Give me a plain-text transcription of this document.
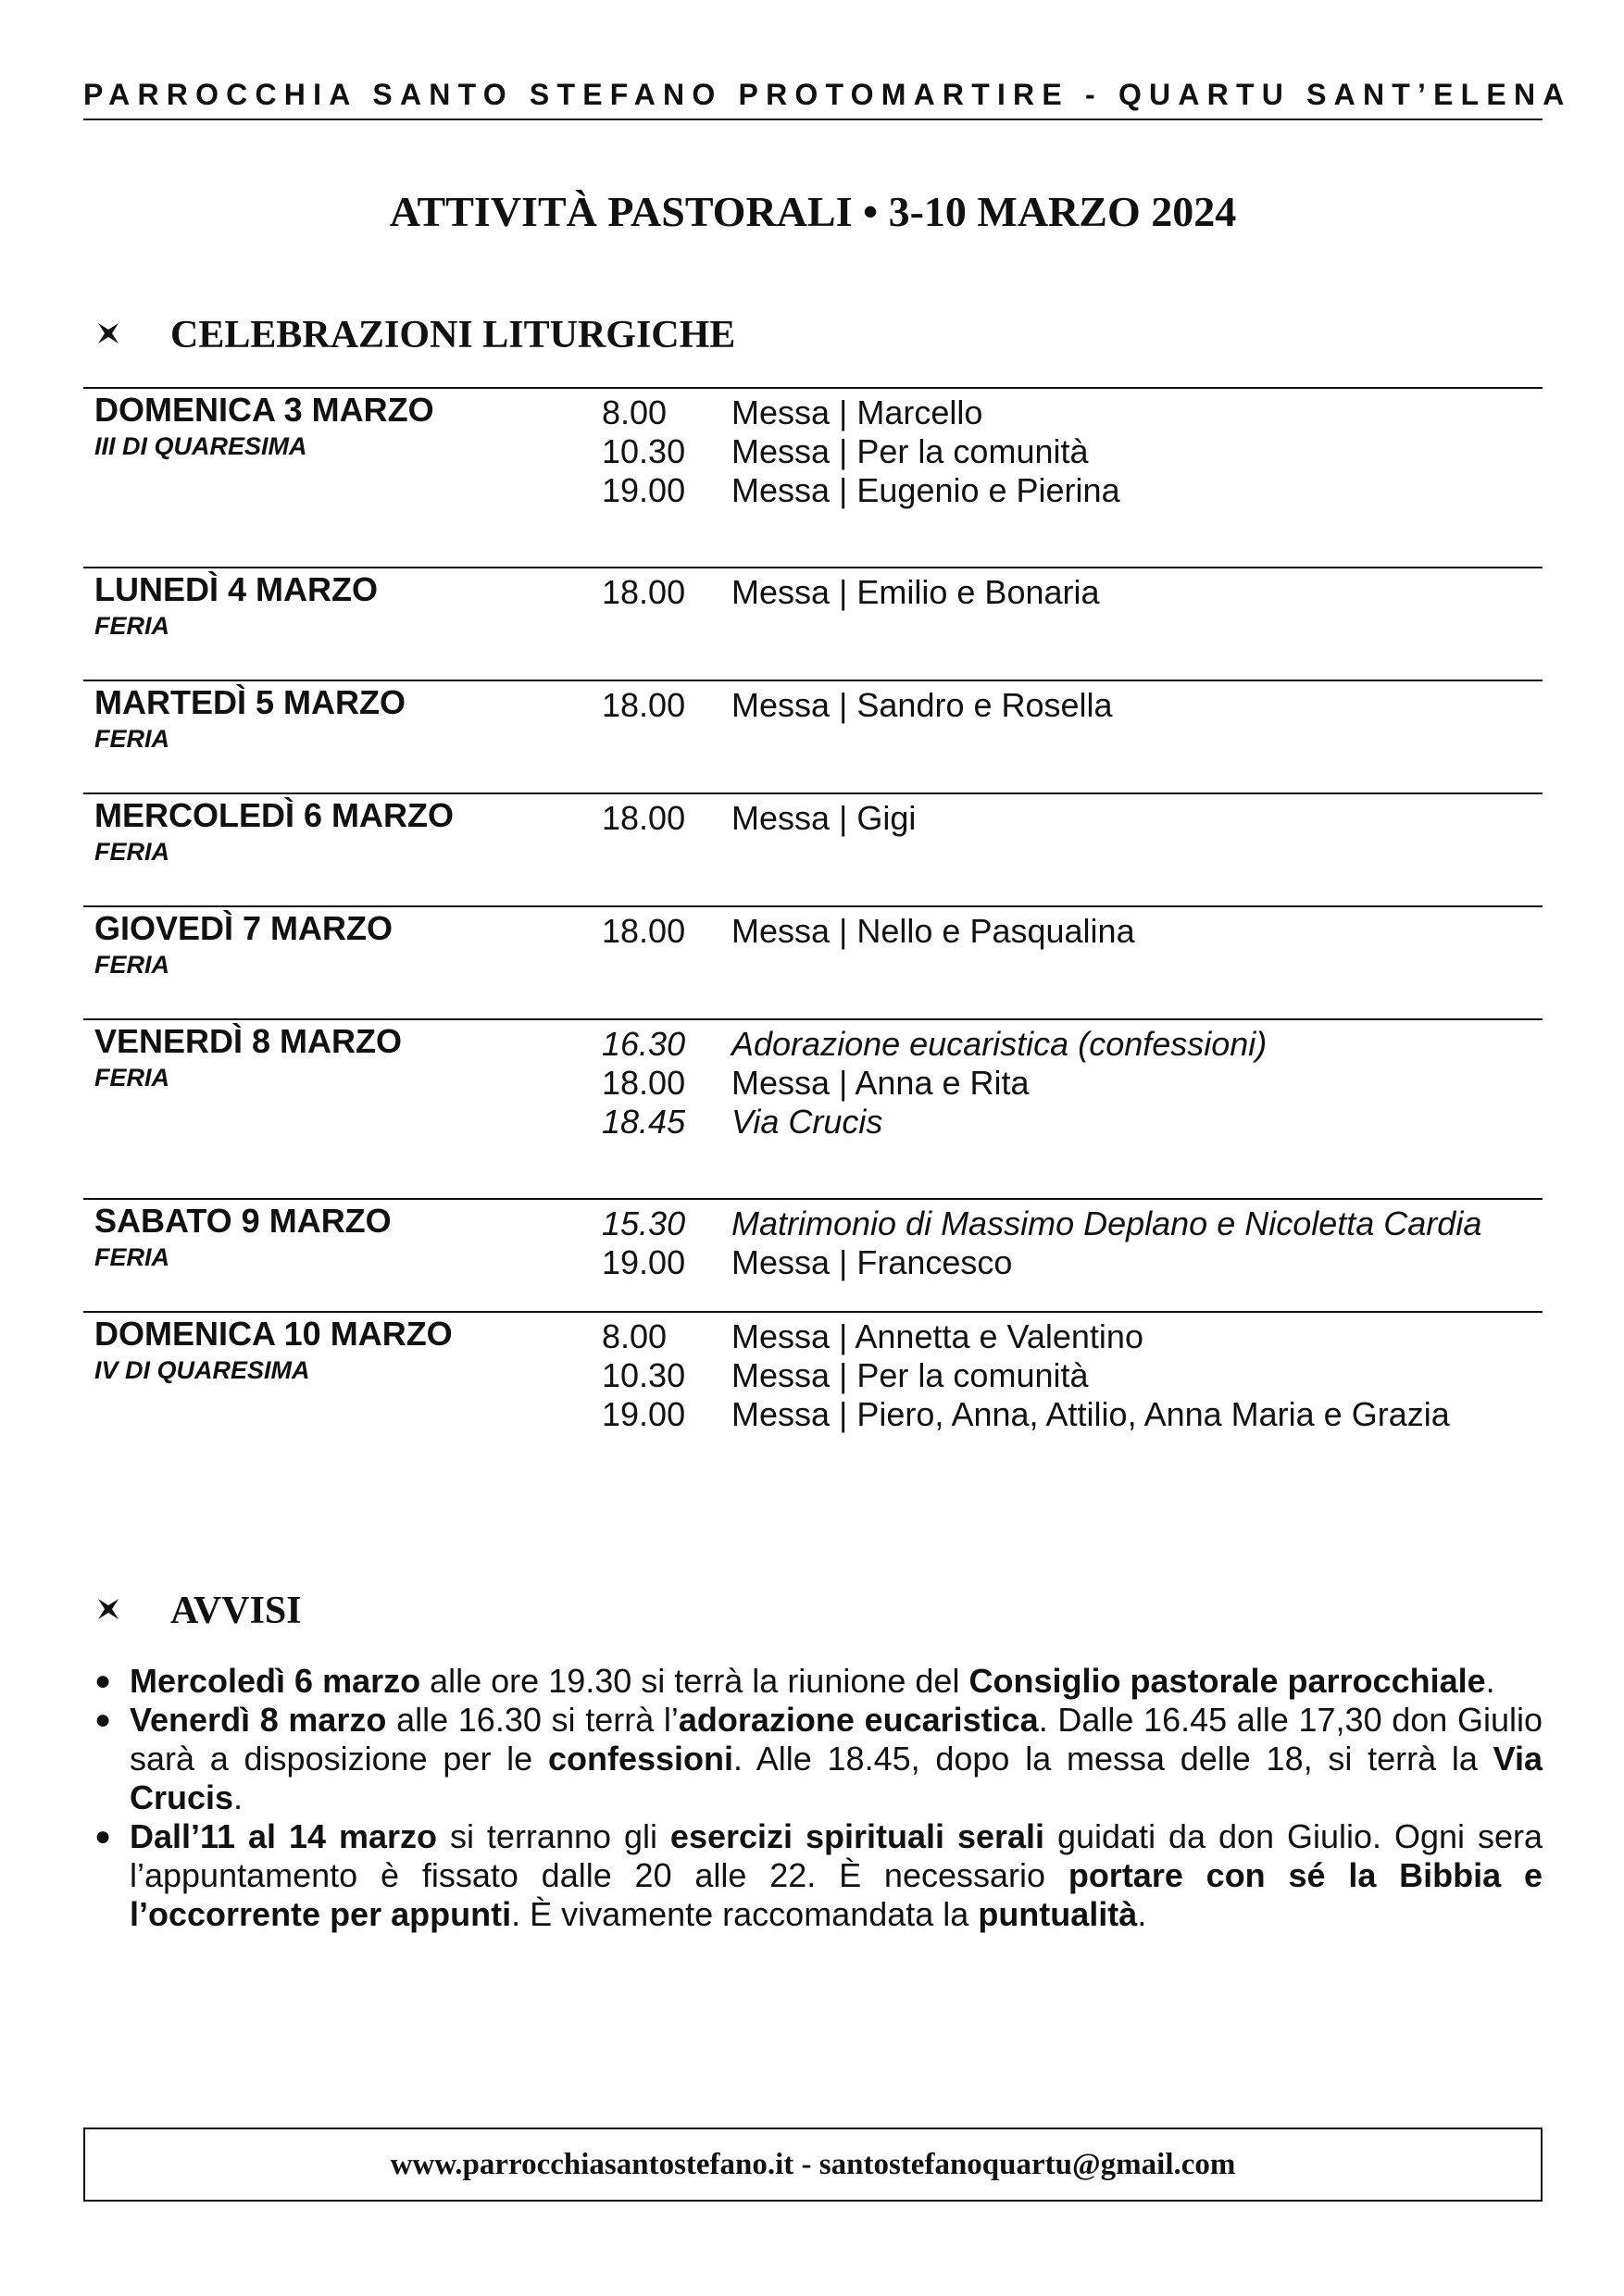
PARROCCHIA SANTO STEFANO PROTOMARTIRE - QUARTU SANT’ELENA
ATTIVITÀ PASTORALI • 3-10 MARZO 2024
CELEBRAZIONI LITURGICHE
DOMENICA 3 MARZO
III DI QUARESIMA
8.00 Messa | Marcello
10.30 Messa | Per la comunità
19.00 Messa | Eugenio e Pierina
LUNEDÌ 4 MARZO
FERIA
18.00 Messa | Emilio e Bonaria
MARTEDÌ 5 MARZO
FERIA
18.00 Messa | Sandro e Rosella
MERCOLEDÌ 6 MARZO
FERIA
18.00 Messa | Gigi
GIOVEDÌ 7 MARZO
FERIA
18.00 Messa | Nello e Pasqualina
VENERDÌ 8 MARZO
FERIA
16.30 Adorazione eucaristica (confessioni)
18.00 Messa | Anna e Rita
18.45 Via Crucis
SABATO 9 MARZO
FERIA
15.30 Matrimonio di Massimo Deplano e Nicoletta Cardia
19.00 Messa | Francesco
DOMENICA 10 MARZO
IV DI QUARESIMA
8.00 Messa | Annetta e Valentino
10.30 Messa | Per la comunità
19.00 Messa | Piero, Anna, Attilio, Anna Maria e Grazia
AVVISI
● Mercoledì 6 marzo alle ore 19.30 si terrà la riunione del Consiglio pastorale parrocchiale.
● Venerdì 8 marzo alle 16.30 si terrà l’adorazione eucaristica. Dalle 16.45 alle 17,30 don Giulio sarà a disposizione per le confessioni. Alle 18.45, dopo la messa delle 18, si terrà la Via Crucis.
● Dall’11 al 14 marzo si terranno gli esercizi spirituali serali guidati da don Giulio. Ogni sera l’appuntamento è fissato dalle 20 alle 22. È necessario portare con sé la Bibbia e l’occorrente per appunti. È vivamente raccomandata la puntualità.
www.parrocchiasantostefano.it - santostefanoquartu@gmail.com
